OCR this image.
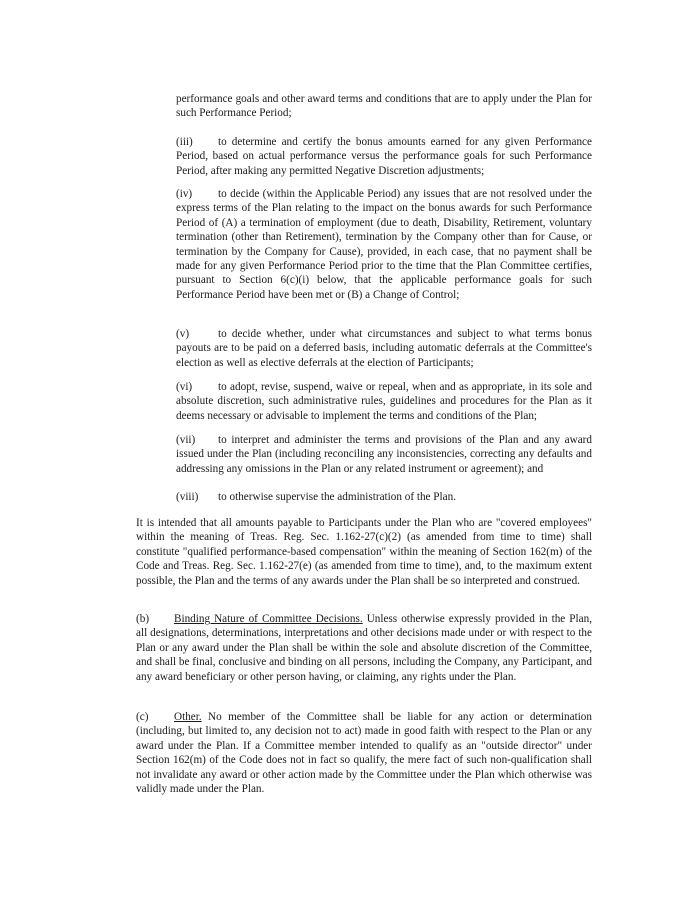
performance goals and other award terms and conditions that are to apply under the Plan for such Performance Period;

(iii) to determine and certify the bonus amounts earned for any given Performance Period, based on actual performance versus the performance goals for such Performance Period, after making any permitted Negative Discretion adjustments;

(iv) to decide (within the Applicable Period) any issues that are not resolved under the express terms of the Plan relating to the impact on the bonus awards for such Performance Period of (A) a termination of employment (due to death, Disability, Retirement, voluntary termination (other than Retirement), termination by the Company other than for Cause, or termination by the Company for Cause), provided, in each case, that no payment shall be made for any given Performance Period prior to the time that the Plan Committee certifies, pursuant to Section 6(c)(i) below, that the applicable performance goals for such Performance Period have been met or (B) a Change of Control;

(v)	to decide whether, under what circumstances and subject to what terms bonus payouts are to be paid on a deferred basis, including automatic deferrals at the Committee's election as well as elective deferrals at the election of Participants;

(vi) to adopt, revise, suspend, waive or repeal, when and as appropriate, in its sole and absolute discretion, such administrative rules, guidelines and procedures for the Plan as it deems necessary or advisable to implement the terms and conditions of the Plan;

(vii) to interpret and administer the terms and provisions of the Plan and any award issued under the Plan (including reconciling any inconsistencies, correcting any defaults and addressing any omissions in the Plan or any related instrument or agreement); and

(viii) to otherwise supervise the administration of the Plan.

It is intended that all amounts payable to Participants under the Plan who are "covered employees" within the meaning of Treas. Reg. Sec. 1.162-27(c)(2) (as amended from time to time) shall constitute "qualified performance-based compensation" within the meaning of Section 162(m) of the Code and Treas. Reg. Sec. 1.162-27(e) (as amended from time to time), and, to the maximum extent possible, the Plan and the terms of any awards under the Plan shall be so interpreted and construed.

(b) Binding Nature of Committee Decisions. Unless otherwise expressly provided in the Plan, all designations, determinations, interpretations and other decisions made under or with respect to the Plan or any award under the Plan shall be within the sole and absolute discretion of the Committee, and shall be final, conclusive and binding on all persons, including the Company, any Participant, and any award beneficiary or other person having, or claiming, any rights under the Plan.

(c) Other. No member of the Committee shall be liable for any action or determination (including, but limited to, any decision not to act) made in good faith with respect to the Plan or any award under the Plan. If a Committee member intended to qualify as an "outside director" under Section 162(m) of the Code does not in fact so qualify, the mere fact of such non-qualification shall not invalidate any award or other action made by the Committee under the Plan which otherwise was validly made under the Plan.
